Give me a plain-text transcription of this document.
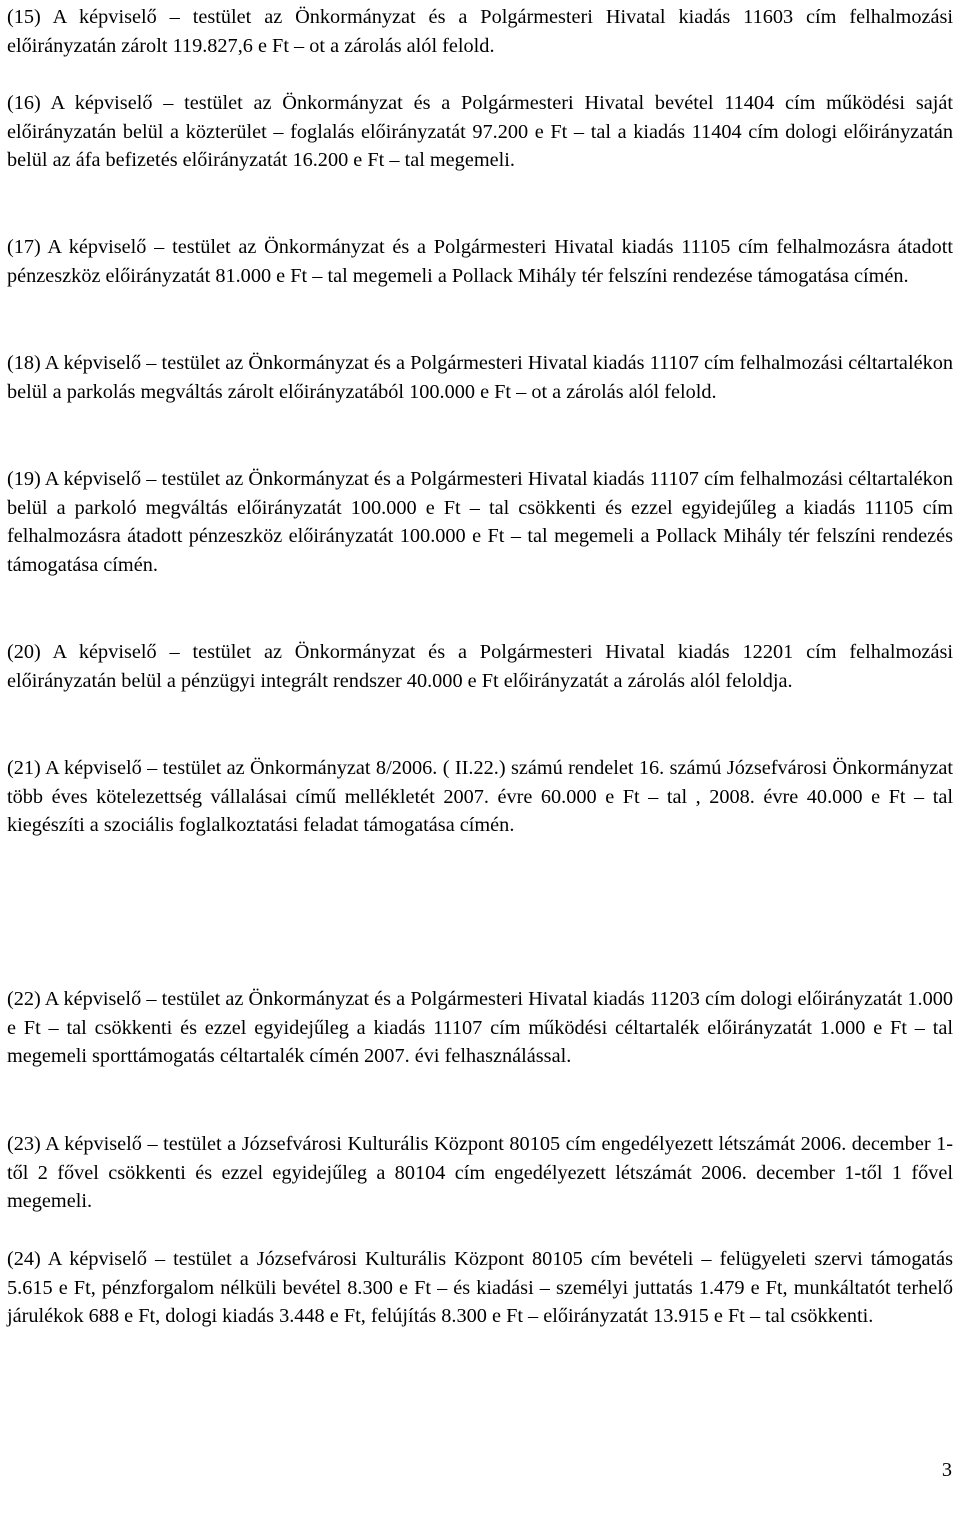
(15) A képviselő – testület az Önkormányzat és a Polgármesteri Hivatal kiadás 11603 cím felhalmozási előirányzatán zárolt 119.827,6 e Ft – ot a zárolás alól felold.

(16) A képviselő – testület az Önkormányzat és a Polgármesteri Hivatal bevétel 11404 cím működési saját előirányzatán belül a közterület – foglalás előirányzatát 97.200 e Ft – tal a kiadás 11404 cím dologi előirányzatán belül az áfa befizetés előirányzatát 16.200 e Ft – tal megemeli.

(17) A képviselő – testület az Önkormányzat és a Polgármesteri Hivatal kiadás 11105 cím felhalmozásra átadott pénzeszköz előirányzatát 81.000 e Ft – tal megemeli a Pollack Mihály tér felszíni rendezése támogatása címén.

(18) A képviselő – testület az Önkormányzat és a Polgármesteri Hivatal kiadás 11107 cím felhalmozási céltartalékon belül a parkolás megváltás zárolt előirányzatából 100.000 e Ft – ot a zárolás alól felold.

(19) A képviselő – testület az Önkormányzat és a Polgármesteri Hivatal kiadás 11107 cím felhalmozási céltartalékon belül a parkoló megváltás előirányzatát 100.000 e Ft – tal csökkenti és ezzel egyidejűleg a kiadás 11105 cím felhalmozásra átadott pénzeszköz előirányzatát 100.000 e Ft – tal megemeli a Pollack Mihály tér felszíni rendezés támogatása címén.

(20) A képviselő – testület az Önkormányzat és a Polgármesteri Hivatal kiadás 12201 cím felhalmozási előirányzatán belül a pénzügyi integrált rendszer 40.000 e Ft előirányzatát a zárolás alól feloldja.

(21) A képviselő – testület az Önkormányzat 8/2006. ( II.22.) számú rendelet 16. számú Józsefvárosi Önkormányzat több éves kötelezettség vállalásai című mellékletét 2007. évre 60.000 e Ft – tal , 2008. évre 40.000 e Ft – tal kiegészíti a szociális foglalkoztatási feladat támogatása címén.

(22) A képviselő – testület az Önkormányzat és a Polgármesteri Hivatal kiadás 11203 cím dologi előirányzatát 1.000 e Ft – tal csökkenti és ezzel egyidejűleg a kiadás 11107 cím működési céltartalék előirányzatát 1.000 e Ft – tal megemeli sporttámogatás céltartalék címén 2007. évi felhasználással.

(23) A képviselő – testület a Józsefvárosi Kulturális Központ 80105 cím engedélyezett létszámát 2006. december 1-től 2 fővel csökkenti és ezzel egyidejűleg a 80104 cím engedélyezett létszámát 2006. december 1-től 1 fővel megemeli.

(24) A képviselő – testület a Józsefvárosi Kulturális Központ 80105 cím bevételi – felügyeleti szervi támogatás 5.615 e Ft, pénzforgalom nélküli bevétel 8.300 e Ft – és kiadási – személyi juttatás 1.479 e Ft, munkáltatót terhelő járulékok 688 e Ft, dologi kiadás 3.448 e Ft, felújítás 8.300 e Ft – előirányzatát 13.915 e Ft – tal csökkenti.

3
